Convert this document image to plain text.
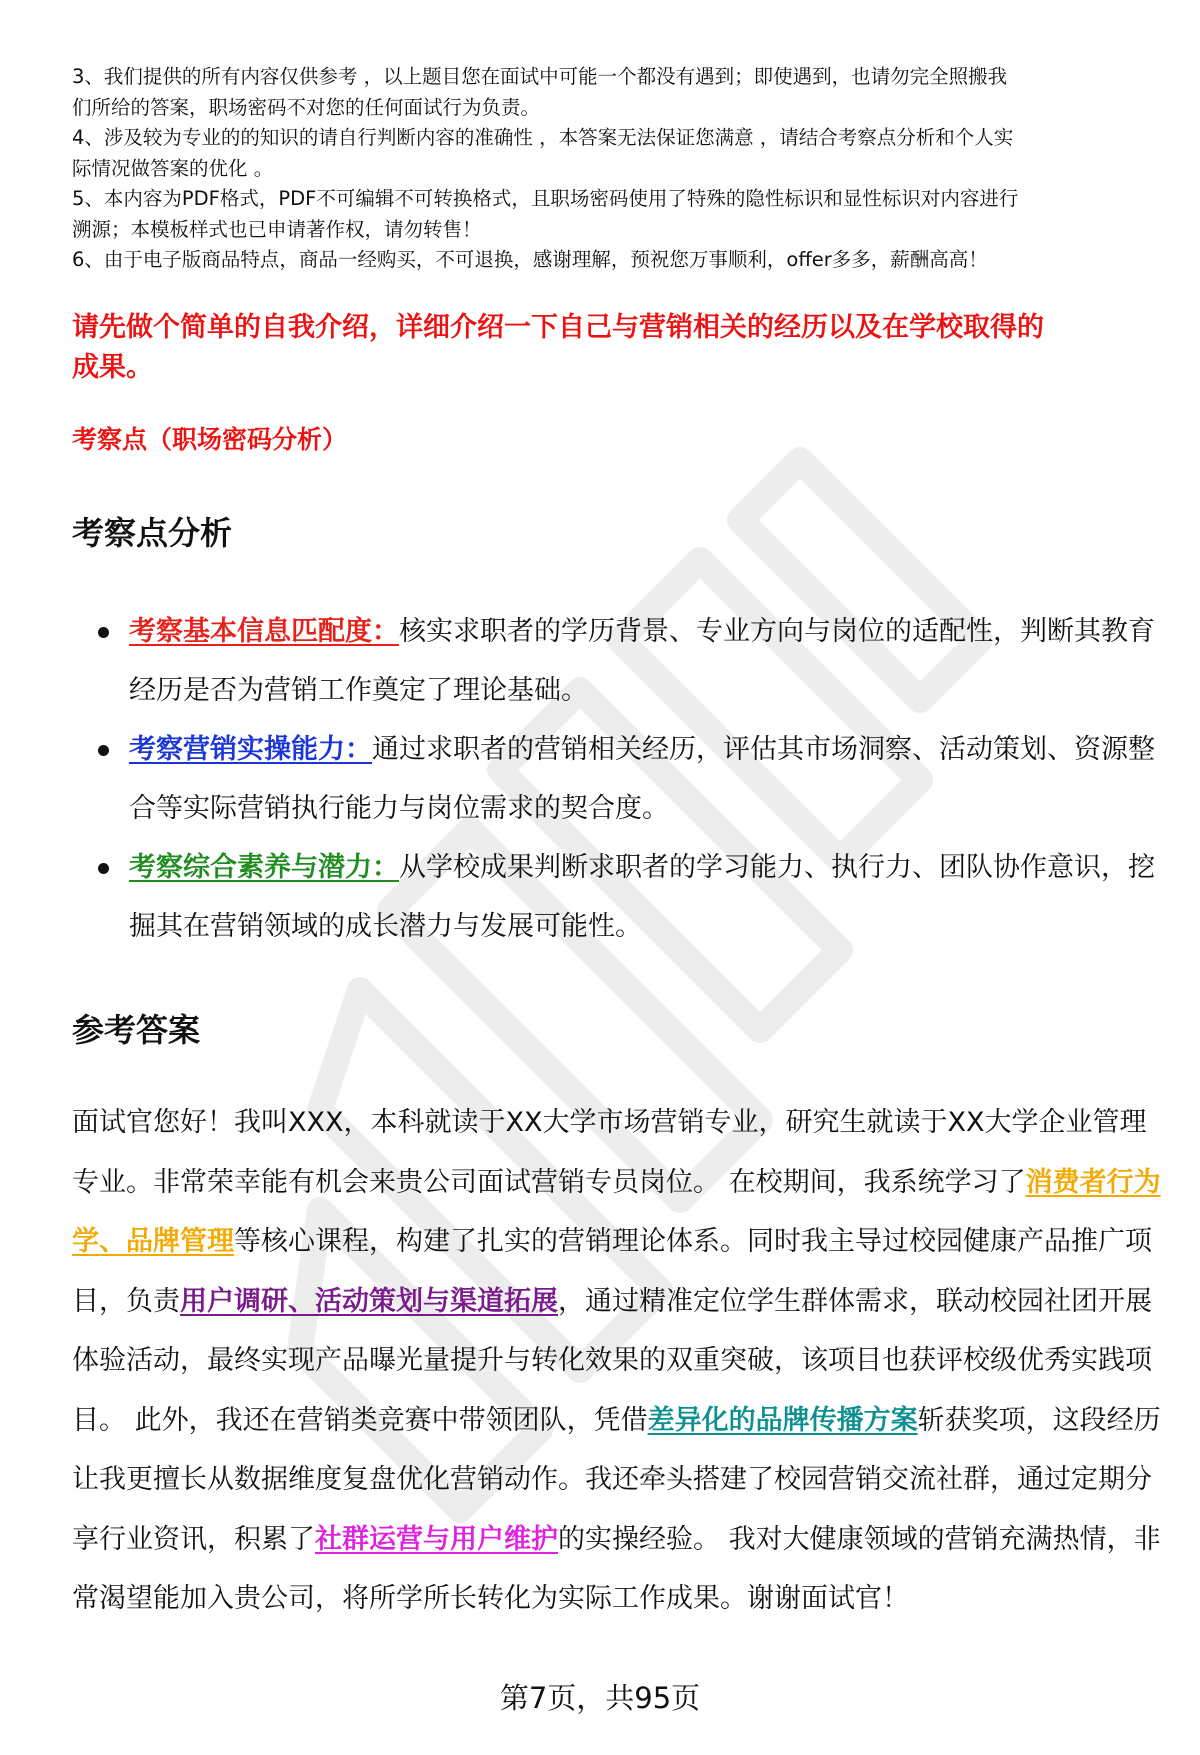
3、我们提供的所有内容仅供参考 ，以上题目您在面试中可能一个都没有遇到；即使遇到，也请勿完全照搬我

们所给的答案，职场密码不对您的任何面试行为负责。

4、涉及较为专业的的知识的请自行判断内容的准确性 ，本答案无法保证您满意 ，请结合考察点分析和个人实

际情况做答案的优化 。

5、本内容为PDF格式，PDF不可编辑不可转换格式，且职场密码使用了特殊的隐性标识和显性标识对内容进行

溯源；本模板样式也已申请著作权，请勿转售！

6、由于电子版商品特点，商品一经购买，不可退换，感谢理解，预祝您万事顺利，offer多多，薪酬高高！

请先做个简单的自我介绍，详细介绍一下自己与营销相关的经历以及在学校取得的
成果。
考察点（职场密码分析）
考察点分析
考察基本信息匹配度：核实求职者的学历背景、专业方向与岗位的适配性，判断其教育经历是否为营销工作奠定了理论基础。
考察营销实操能力：通过求职者的营销相关经历，评估其市场洞察、活动策划、资源整合等实际营销执行能力与岗位需求的契合度。
考察综合素养与潜力：从学校成果判断求职者的学习能力、执行力、团队协作意识，挖掘其在营销领域的成长潜力与发展可能性。
参考答案

面试官您好！我叫XXX，本科就读于XX大学市场营销专业，研究生就读于XX大学企业管理专业。非常荣幸能有机会来贵公司面试营销专员岗位。 在校期间，我系统学习了消费者行为学、品牌管理等核心课程，构建了扎实的营销理论体系。同时我主导过校园健康产品推广项目，负责用户调研、活动策划与渠道拓展，通过精准定位学生群体需求，联动校园社团开展体验活动，最终实现产品曝光量提升与转化效果的双重突破，该项目也获评校级优秀实践项目。 此外，我还在营销类竞赛中带领团队，凭借差异化的品牌传播方案斩获奖项，这段经历让我更擅长从数据维度复盘优化营销动作。我还牵头搭建了校园营销交流社群，通过定期分享行业资讯，积累了社群运营与用户维护的实操经验。 我对大健康领域的营销充满热情，非常渴望能加入贵公司，将所学所长转化为实际工作成果。谢谢面试官！

第7页，共95页
